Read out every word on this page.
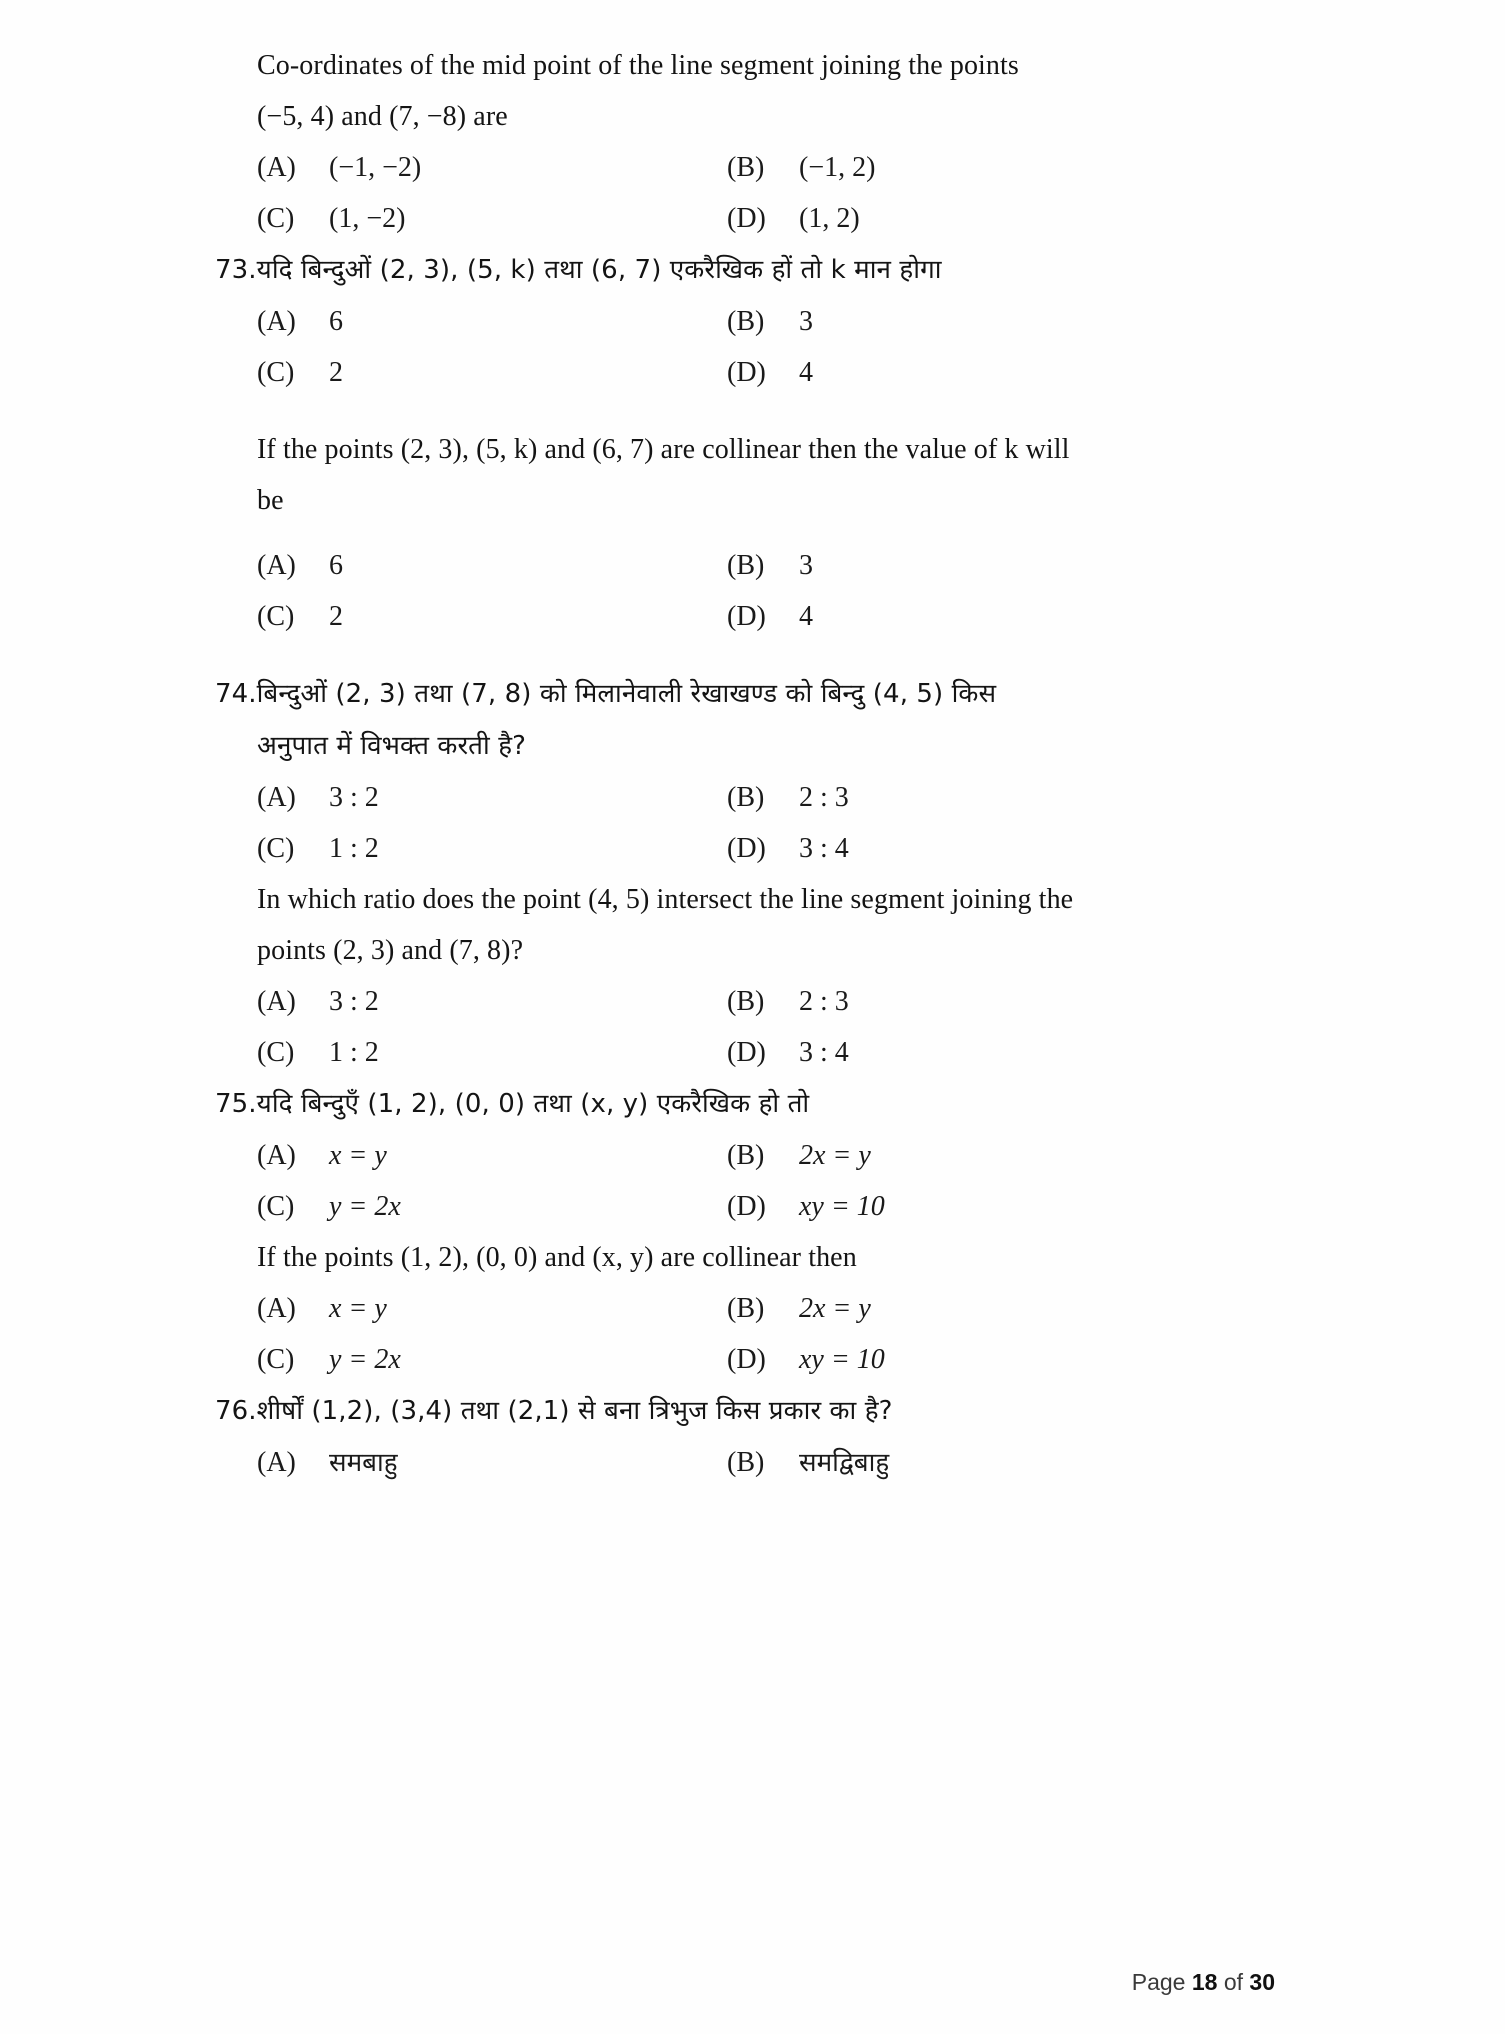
Co-ordinates of the mid point of the line segment joining the points
(−5, 4) and (7, −8) are
(A)	(−1, −2)	(B)	(−1, 2)
(C)	(1, −2)	(D)	(1, 2)
73.यदि बिन्दुओं (2, 3), (5, k) तथा (6, 7) एकरैखिक हों तो k मान होगा
(A)	6	(B)	3
(C)	2	(D)	4
If the points (2, 3), (5, k) and (6, 7) are collinear then the value of k will
be
(A)	6	(B)	3
(C)	2	(D)	4
74.बिन्दुओं (2, 3) तथा (7, 8) को मिलानेवाली रेखाखण्ड को बिन्दु (4, 5) किस
अनुपात में विभक्त करती है?
(A)	3 : 2	(B)	2 : 3
(C)	1 : 2	(D)	3 : 4
In which ratio does the point (4, 5) intersect the line segment joining the
points (2, 3) and (7, 8)?
(A)	3 : 2	(B)	2 : 3
(C)	1 : 2	(D)	3 : 4
75.यदि बिन्दुएँ (1, 2), (0, 0) तथा (x, y) एकरैखिक हो तो
(A)	x = y	(B)	2x = y
(C)	y = 2x	(D)	xy = 10
If the points (1, 2), (0, 0) and (x, y) are collinear then
(A)	x = y	(B)	2x = y
(C)	y = 2x	(D)	xy = 10
76.शीर्षों (1,2), (3,4) तथा (2,1) से बना त्रिभुज किस प्रकार का है?
(A)	समबाहु	(B)	समद्विबाहु
Page 18 of 30
